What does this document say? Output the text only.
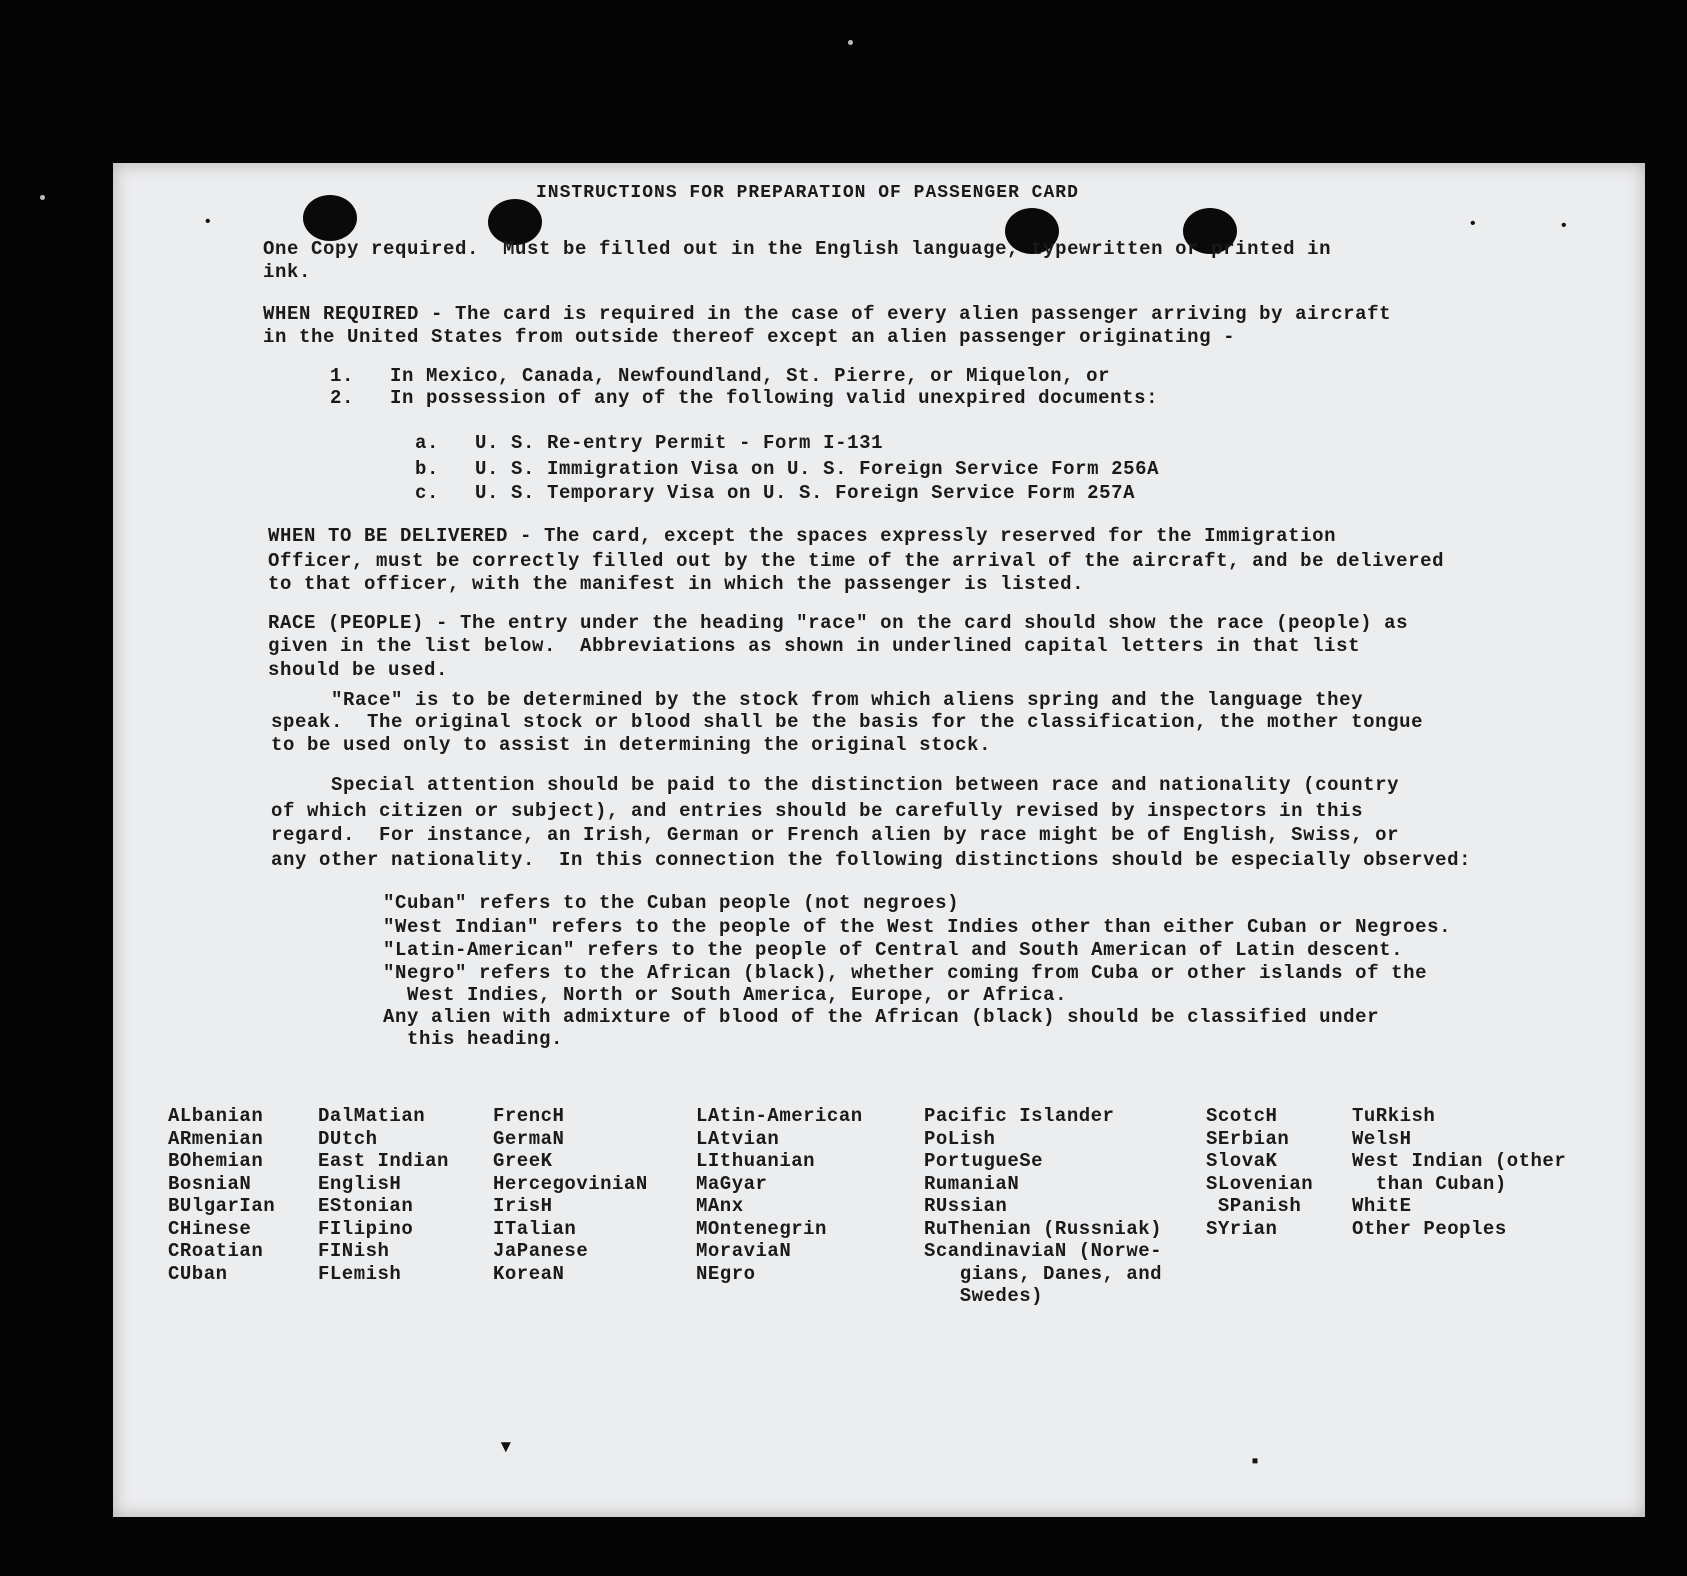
•	•	•
▾
▪
INSTRUCTIONS FOR PREPARATION OF PASSENGER CARD
One Copy required.  Must be filled out in the English language, typewritten or printed in
ink.
WHEN REQUIRED - The card is required in the case of every alien passenger arriving by aircraft
in the United States from outside thereof except an alien passenger originating -
1.   In Mexico, Canada, Newfoundland, St. Pierre, or Miquelon, or
2.   In possession of any of the following valid unexpired documents:
a.   U. S. Re-entry Permit - Form I-131
b.   U. S. Immigration Visa on U. S. Foreign Service Form 256A
c.   U. S. Temporary Visa on U. S. Foreign Service Form 257A
WHEN TO BE DELIVERED - The card, except the spaces expressly reserved for the Immigration
Officer, must be correctly filled out by the time of the arrival of the aircraft, and be delivered
to that officer, with the manifest in which the passenger is listed.
RACE (PEOPLE) - The entry under the heading "race" on the card should show the race (people) as
given in the list below.  Abbreviations as shown in underlined capital letters in that list
should be used.
"Race" is to be determined by the stock from which aliens spring and the language they
speak.  The original stock or blood shall be the basis for the classification, the mother tongue
to be used only to assist in determining the original stock.
Special attention should be paid to the distinction between race and nationality (country
of which citizen or subject), and entries should be carefully revised by inspectors in this
regard.  For instance, an Irish, German or French alien by race might be of English, Swiss, or
any other nationality.  In this connection the following distinctions should be especially observed:
"Cuban" refers to the Cuban people (not negroes)
"West Indian" refers to the people of the West Indies other than either Cuban or Negroes.
"Latin-American" refers to the people of Central and South American of Latin descent.
"Negro" refers to the African (black), whether coming from Cuba or other islands of the
West Indies, North or South America, Europe, or Africa.
Any alien with admixture of blood of the African (black) should be classified under
this heading.
ALbanian
ARmenian
BOhemian
BosniaN
BUlgarIan
CHinese
CRoatian
CUban
DalMatian
DUtch
East Indian
EnglisH
EStonian
FIlipino
FINish
FLemish
FrencH
GermaN
GreeK
HercegoviniaN
IrisH
ITalian
JaPanese
KoreaN
LAtin-American
LAtvian
LIthuanian
MaGyar
MAnx
MOntenegrin
MoraviaN
NEgro
Pacific Islander
PoLish
PortugueSe
RumaniaN
RUssian
RuThenian (Russniak)
ScandinaviaN (Norwe-
gians, Danes, and
Swedes)
ScotcH
SErbian
SlovaK
SLovenian
SPanish
SYrian
TuRkish
WelsH
West Indian (other
than Cuban)
WhitE
Other Peoples
